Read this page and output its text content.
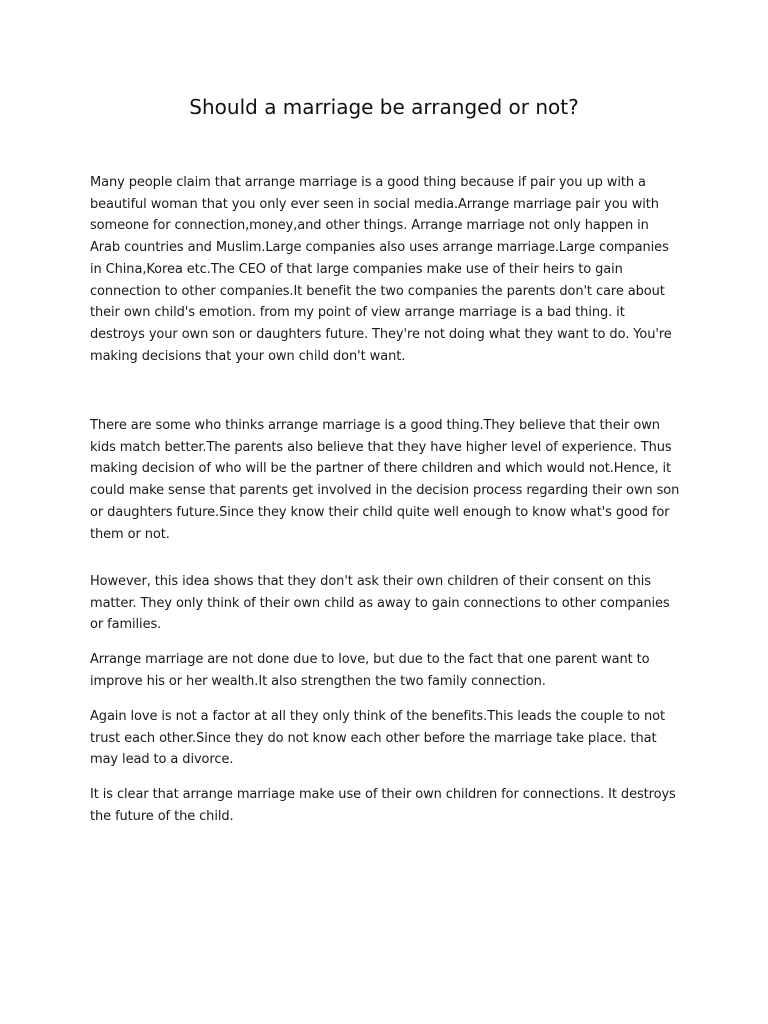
Should a marriage be arranged or not?

Many people claim that arrange marriage is a good thing because if pair you up with a beautiful woman that you only ever seen in social media.Arrange marriage pair you with someone for connection,money,and other things. Arrange marriage not only happen in Arab countries and Muslim.Large companies also uses arrange marriage.Large companies in China,Korea etc.The CEO of that large companies make use of their heirs to gain connection to other companies.It benefit the two companies the parents don't care about their own child's emotion. from my point of view arrange marriage is a bad thing. it destroys your own son or daughters future. They're not doing what they want to do. You're making decisions that your own child don't want.

There are some who thinks arrange marriage is a good thing.They believe that their own kids match better.The parents also believe that they have higher level of experience. Thus making decision of who will be the partner of there children and which would not.Hence, it could make sense that parents get involved in the decision process regarding their own son or daughters future.Since they know their child quite well enough to know what's good for them or not.

However, this idea shows that they don't ask their own children of their consent on this matter. They only think of their own child as away to gain connections to other companies or families.

Arrange marriage are not done due to love, but due to the fact that one parent want to improve his or her wealth.It also strengthen the two family connection.

Again love is not a factor at all they only think of the benefits.This leads the couple to not trust each other.Since they do not know each other before the marriage take place. that may lead to a divorce.

It is clear that arrange marriage make use of their own children for connections. It destroys the future of the child.
